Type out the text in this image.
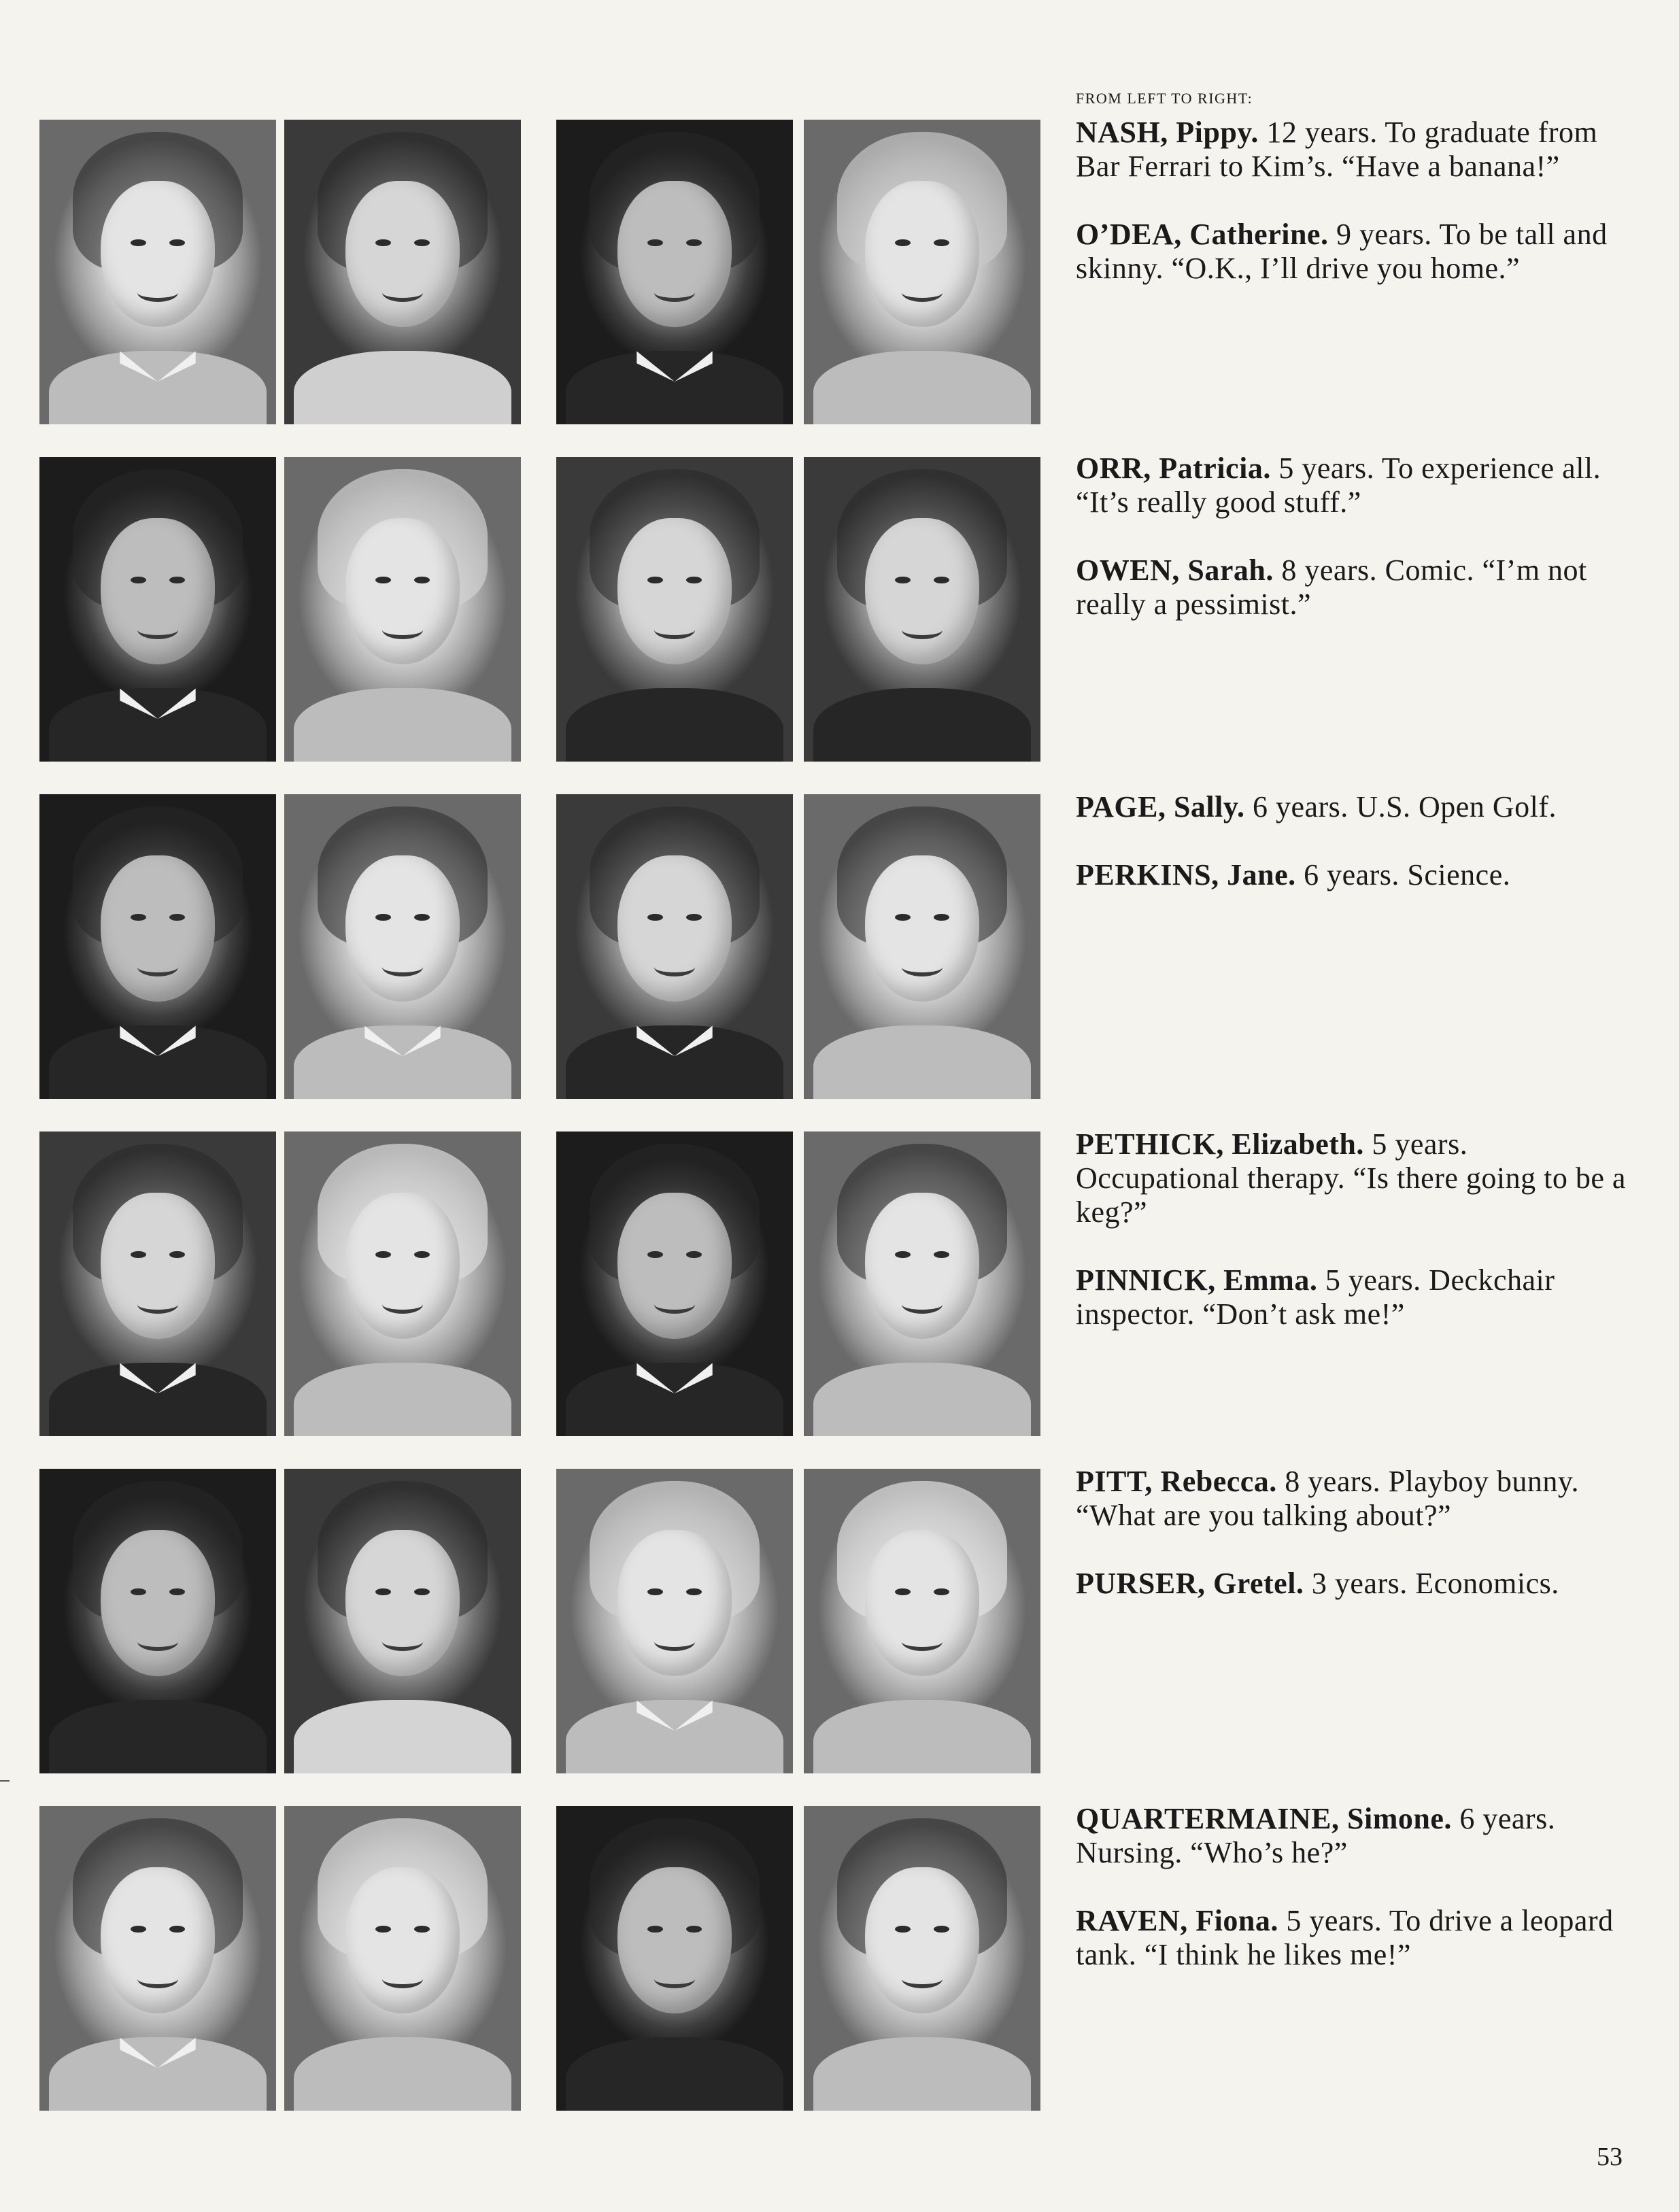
FROM LEFT TO RIGHT:

NASH, Pippy. 12 years. To graduate from Bar Ferrari to Kim’s. “Have a banana!”

O’DEA, Catherine. 9 years. To be tall and skinny. “O.K., I’ll drive you home.”

ORR, Patricia. 5 years. To experience all. “It’s really good stuff.”

OWEN, Sarah. 8 years. Comic. “I’m not really a pessimist.”

PAGE, Sally. 6 years. U.S. Open Golf.

PERKINS, Jane. 6 years. Science.

PETHICK, Elizabeth. 5 years. Occupational therapy. “Is there going to be a keg?”

PINNICK, Emma. 5 years. Deckchair inspector. “Don’t ask me!”

PITT, Rebecca. 8 years. Playboy bunny. “What are you talking about?”

PURSER, Gretel. 3 years. Economics.

QUARTERMAINE, Simone. 6 years. Nursing. “Who’s he?”

RAVEN, Fiona. 5 years. To drive a leopard tank. “I think he likes me!”

53
